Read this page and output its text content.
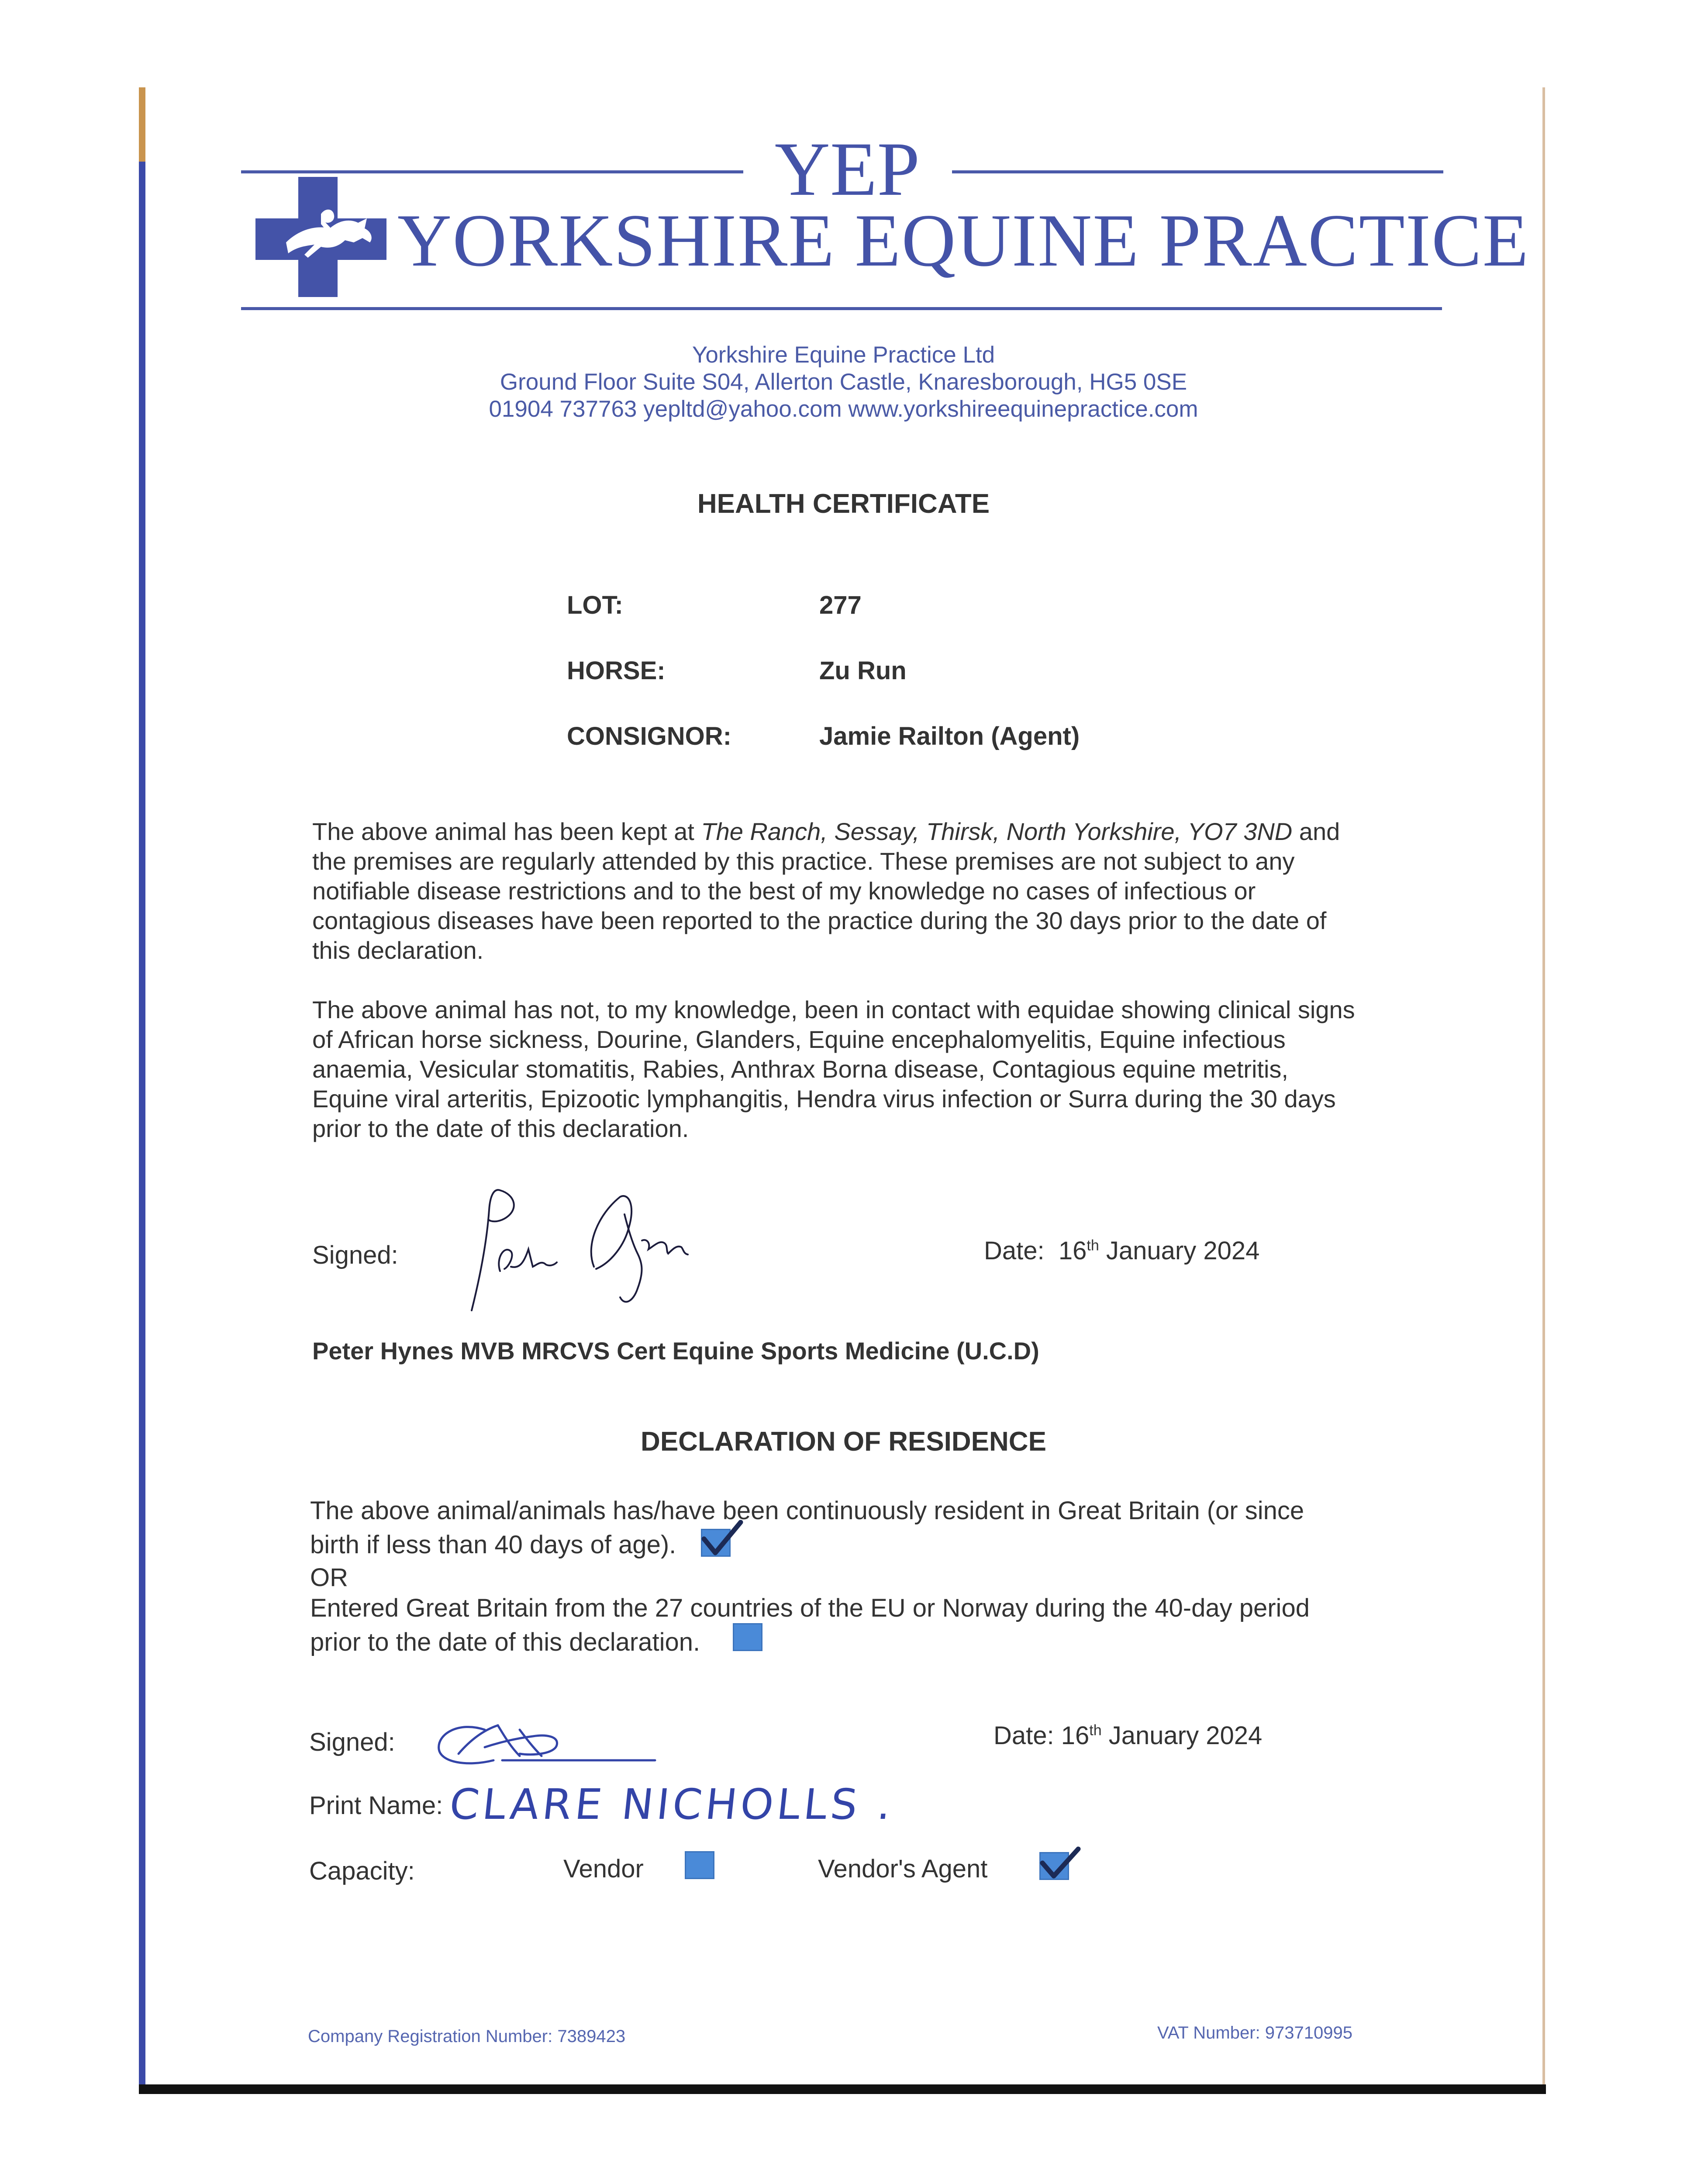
YEP
YORKSHIRE EQUINE PRACTICE
Yorkshire Equine Practice Ltd
Ground Floor Suite S04, Allerton Castle, Knaresborough, HG5 0SE
01904 737763 yepltd@yahoo.com www.yorkshireequinepractice.com
HEALTH CERTIFICATE
LOT:	277
HORSE:	Zu Run
CONSIGNOR:	Jamie Railton (Agent)
The above animal has been kept at The Ranch, Sessay, Thirsk, North Yorkshire, YO7 3ND and the premises are regularly attended by this practice. These premises are not subject to any notifiable disease restrictions and to the best of my knowledge no cases of infectious or contagious diseases have been reported to the practice during the 30 days prior to the date of this declaration.
The above animal has not, to my knowledge, been in contact with equidae showing clinical signs of African horse sickness, Dourine, Glanders, Equine encephalomyelitis, Equine infectious anaemia, Vesicular stomatitis, Rabies, Anthrax Borna disease, Contagious equine metritis, Equine viral arteritis, Epizootic lymphangitis, Hendra virus infection or Surra during the 30 days prior to the date of this declaration.
Signed:	Date: 16th January 2024
Peter Hynes MVB MRCVS Cert Equine Sports Medicine (U.C.D)
DECLARATION OF RESIDENCE
The above animal/animals has/have been continuously resident in Great Britain (or since
birth if less than 40 days of age).
OR
Entered Great Britain from the 27 countries of the EU or Norway during the 40-day period
prior to the date of this declaration.
Signed:	Date: 16th January 2024
Print Name: CLARE NICHOLLS .
Capacity:	Vendor	Vendor's Agent
Company Registration Number: 7389423	VAT Number: 973710995
